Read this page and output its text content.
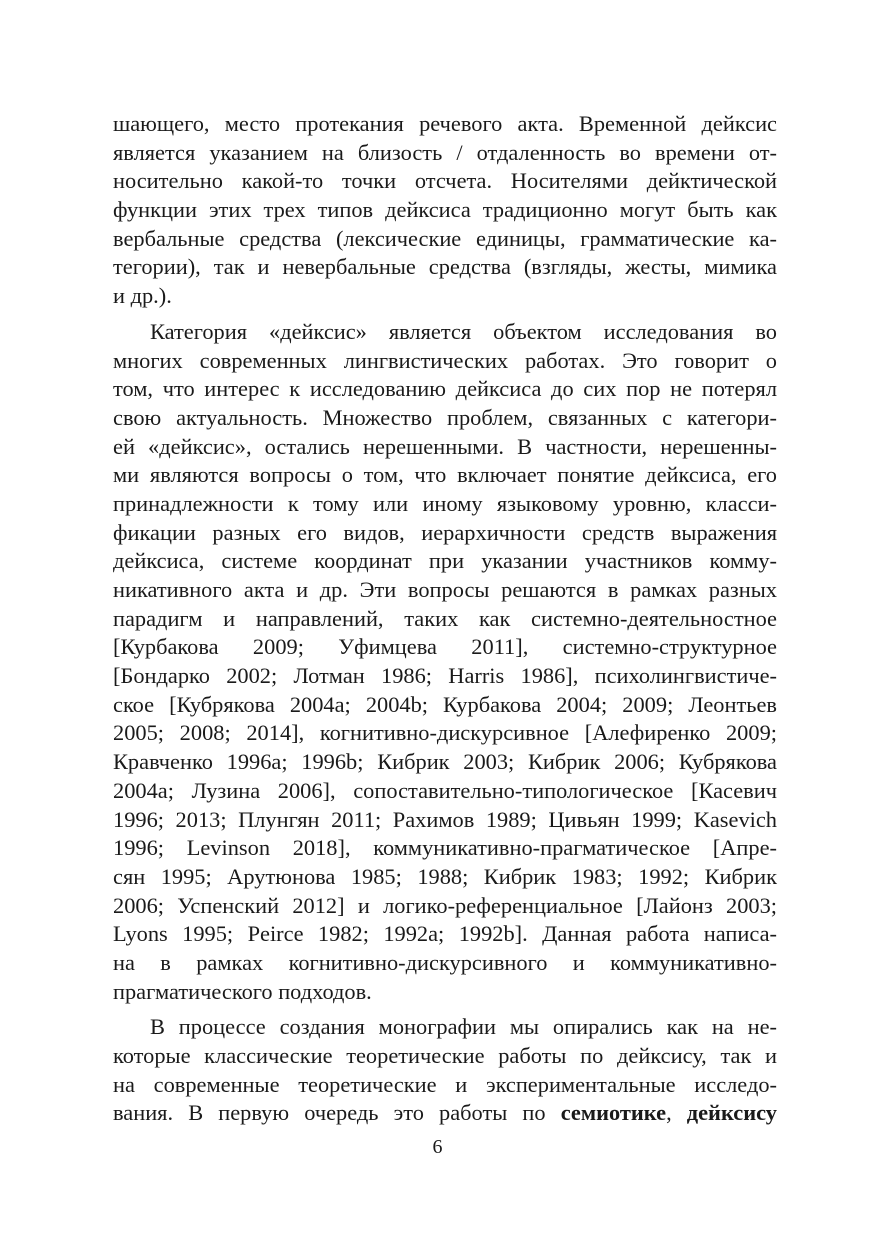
шающего, место протекания речевого акта. Временной дейксис
является указанием на близость / отдаленность во времени от-
носительно какой-то точки отсчета. Носителями дейктической
функции этих трех типов дейксиса традиционно могут быть как
вербальные средства (лексические единицы, грамматические ка-
тегории), так и невербальные средства (взгляды, жесты, мимика
и др.).
Категория «дейксис» является объектом исследования во
многих современных лингвистических работах. Это говорит о
том, что интерес к исследованию дейксиса до сих пор не потерял
свою актуальность. Множество проблем, связанных с категори-
ей «дейксис», остались нерешенными. В частности, нерешенны-
ми являются вопросы о том, что включает понятие дейксиса, его
принадлежности к тому или иному языковому уровню, класси-
фикации разных его видов, иерархичности средств выражения
дейксиса, системе координат при указании участников комму-
никативного акта и др. Эти вопросы решаются в рамках разных
парадигм и направлений, таких как системно-деятельностное
[Курбакова 2009; Уфимцева 2011], системно-структурное
[Бондарко 2002; Лотман 1986; Harris 1986], психолингвистиче-
ское [Кубрякова 2004a; 2004b; Курбакова 2004; 2009; Леонтьев
2005; 2008; 2014], когнитивно-дискурсивное [Алефиренко 2009;
Кравченко 1996a; 1996b; Кибрик 2003; Кибрик 2006; Кубрякова
2004a; Лузина 2006], сопоставительно-типологическое [Касевич
1996; 2013; Плунгян 2011; Рахимов 1989; Цивьян 1999; Kasevich
1996; Levinson 2018], коммуникативно-прагматическое [Апре-
сян 1995; Арутюнова 1985; 1988; Кибрик 1983; 1992; Кибрик
2006; Успенский 2012] и логико-референциальное [Лайонз 2003;
Lyons 1995; Peirce 1982; 1992a; 1992b]. Данная работа написа-
на в рамках когнитивно-дискурсивного и коммуникативно-
прагматического подходов.
В процессе создания монографии мы опирались как на не-
которые классические теоретические работы по дейксису, так и
на современные теоретические и экспериментальные исследо-
вания. В первую очередь это работы по семиотике, дейксису
6
